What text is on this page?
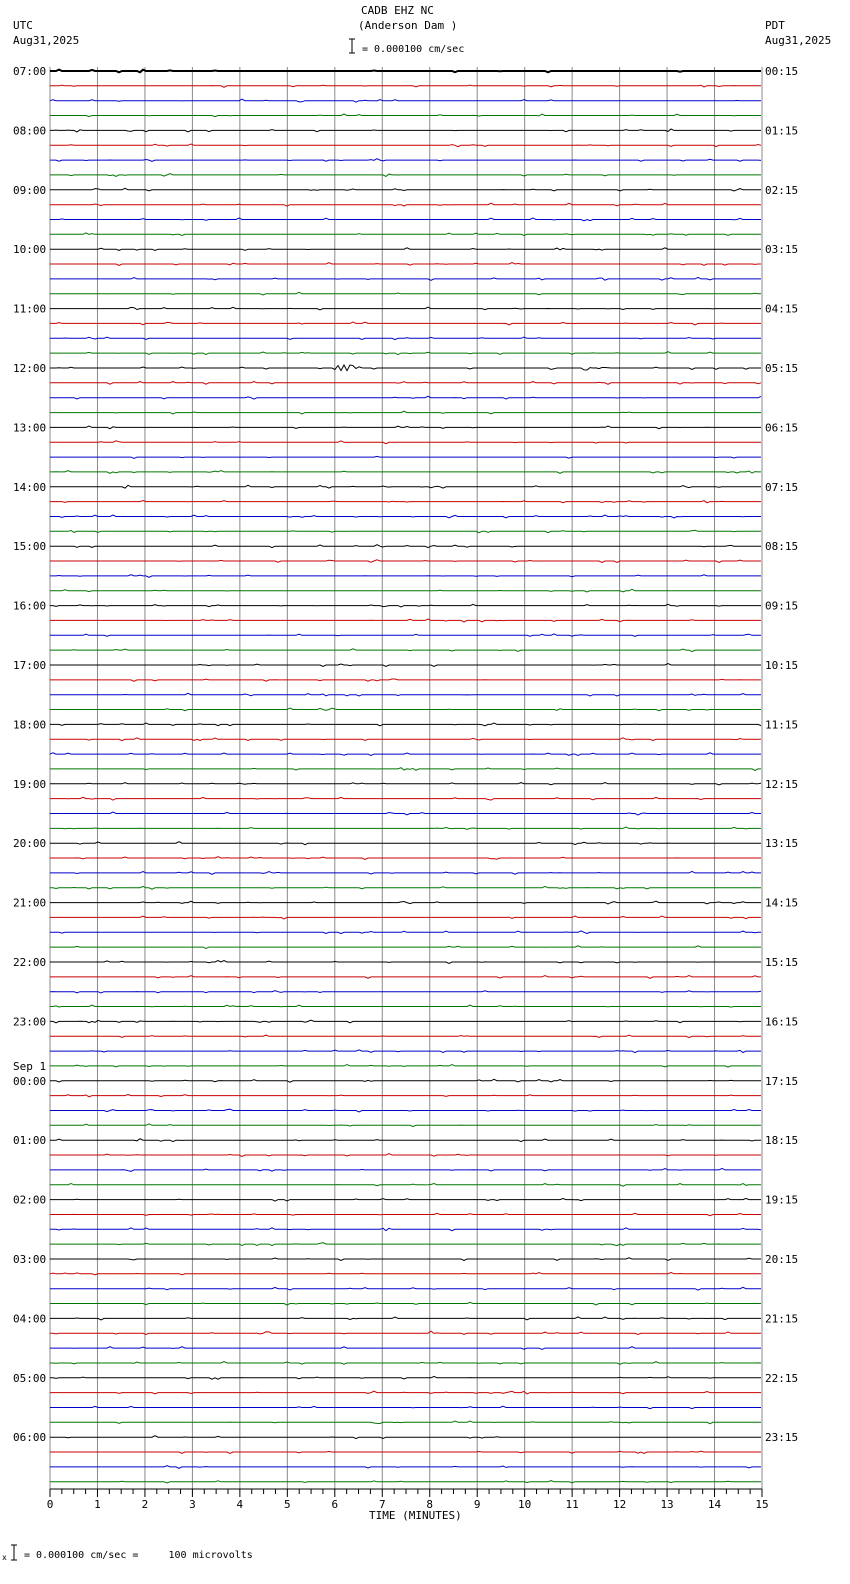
UTC
Aug31,2025
CADB EHZ NC
(Anderson Dam )
= 0.000100 cm/sec
PDT
Aug31,2025
07:00
08:00
09:00
10:00
11:00
12:00
13:00
14:00
15:00
16:00
17:00
18:00
19:00
20:00
21:00
22:00
23:00
00:00
01:00
02:00
03:00
04:00
05:00
06:00
00:15
01:15
02:15
03:15
04:15
05:15
06:15
07:15
08:15
09:15
10:15
11:15
12:15
13:15
14:15
15:15
16:15
17:15
18:15
19:15
20:15
21:15
22:15
23:15
Sep 1
0	1	2	3	4	5	6	7	8	9	10	11	12	13	14	15
TIME (MINUTES)
x = 0.000100 cm/sec =     100 microvolts
